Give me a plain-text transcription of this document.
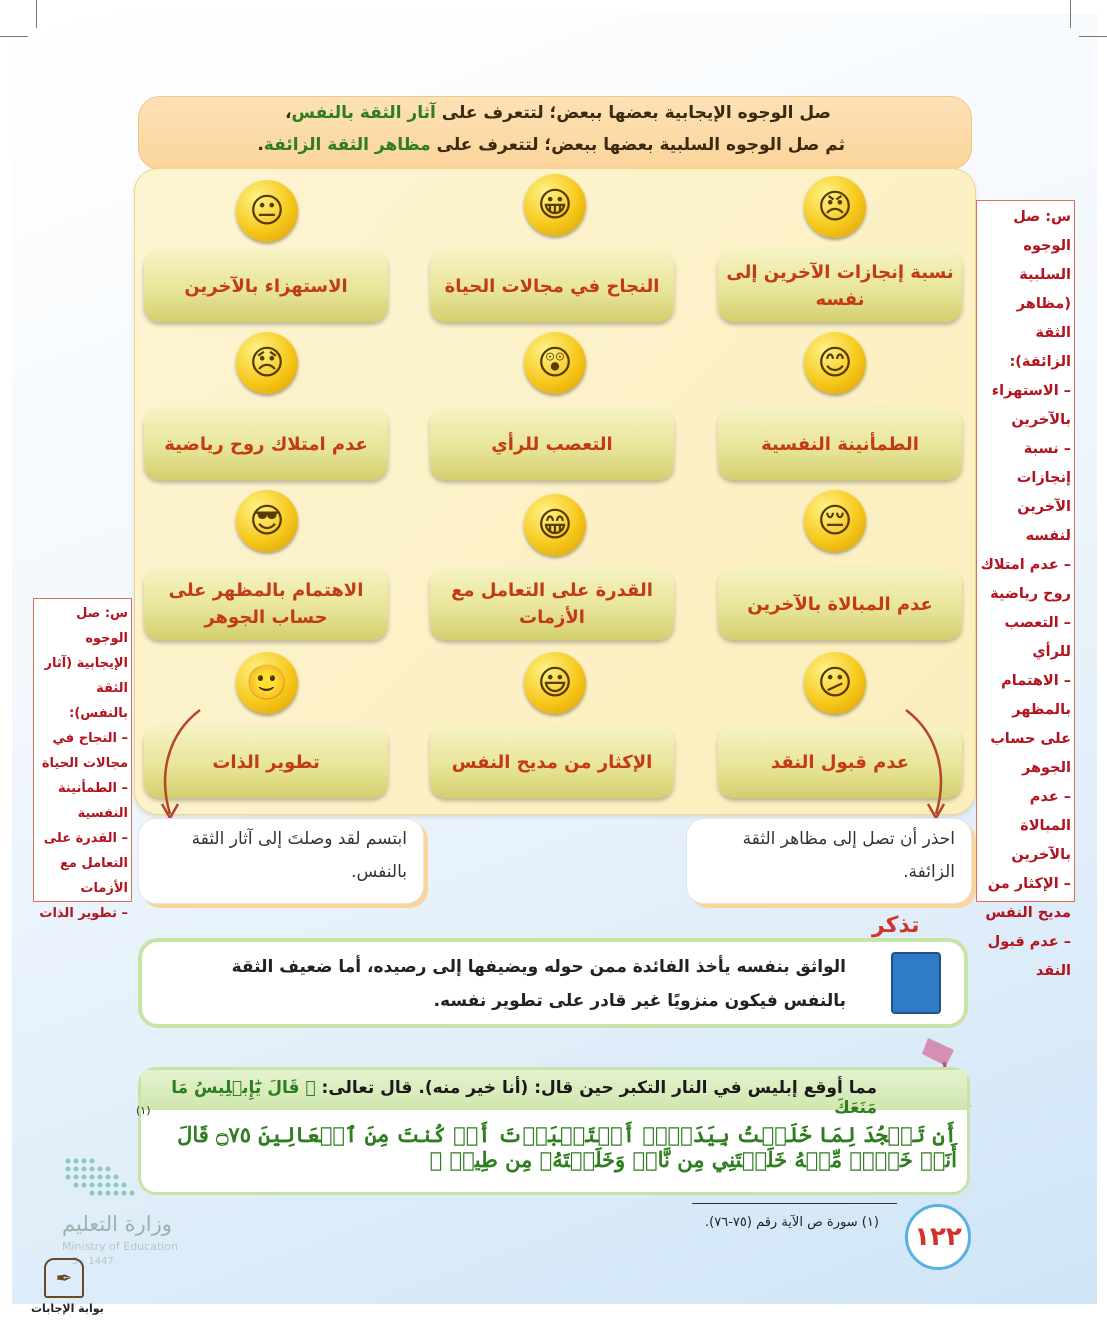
صل الوجوه الإيجابية بعضها ببعض؛ لتتعرف على آثار الثقة بالنفس،
ثم صل الوجوه السلبية بعضها ببعض؛ لتتعرف على مظاهر الثقة الزائفة.
😠
😀
😐
نسبة إنجازات الآخرين إلى نفسه
النجاح في مجالات الحياة
الاستهزاء بالآخرين
😊
😲
😞
الطمأنينة النفسية
التعصب للرأي
عدم امتلاك روح رياضية
😔
😁
😎
عدم المبالاة بالآخرين
القدرة على التعامل مع الأزمات
الاهتمام بالمظهر على حساب الجوهر
😕
😃
🙂
عدم قبول النقد
الإكثار من مديح النفس
تطوير الذات
س: صل الوجوه السلبية (مظاهر الثقة الزائفة):
– الاستهزاء بالآخرين
– نسبة إنجازات الآخرين لنفسه
– عدم امتلاك روح رياضية
– التعصب للرأي
– الاهتمام بالمظهر على حساب الجوهر
– عدم المبالاة بالآخرين
– الإكثار من مديح النفس
– عدم قبول النقد
س: صل الوجوه الإيجابية (آثار الثقة بالنفس):
– النجاح في مجالات الحياة
– الطمأنينة النفسية
– القدرة على التعامل مع الأزمات
– تطوير الذات
احذر أن تصل إلى مظاهر الثقة الزائفة.
ابتسم لقد وصلتَ إلى آثار الثقة بالنفس.
تذكر
الواثق بنفسه يأخذ الفائدة ممن حوله ويضيفها إلى رصيده، أما ضعيف الثقة بالنفس فيكون منزويًا غير قادر على تطوير نفسه.
مما أوقع إبليس في النار التكبر حين قال: (أنا خير منه). قال تعالى: ﴿ قَالَ يَٰٓإِبۡلِيسُ مَا مَنَعَكَ
أَن تَسۡجُدَ لِمَا خَلَقۡتُ بِيَدَيَّۖ أَسۡتَكۡبَرۡتَ أَمۡ كُنتَ مِنَ ٱلۡعَالِينَ ۝٧٥ قَالَ أَنَا۠ خَيۡرٞ مِّنۡهُ خَلَقۡتَنِي مِن نَّارٖ وَخَلَقۡتَهُۥ مِن طِينٖ ﴾
(١)
(١) سورة ص الآية رقم (٧٥-٧٦).	١٢٢
وزارة التعليم
Ministry of Education
5 - 1447
✒
بوابة الإجابات
